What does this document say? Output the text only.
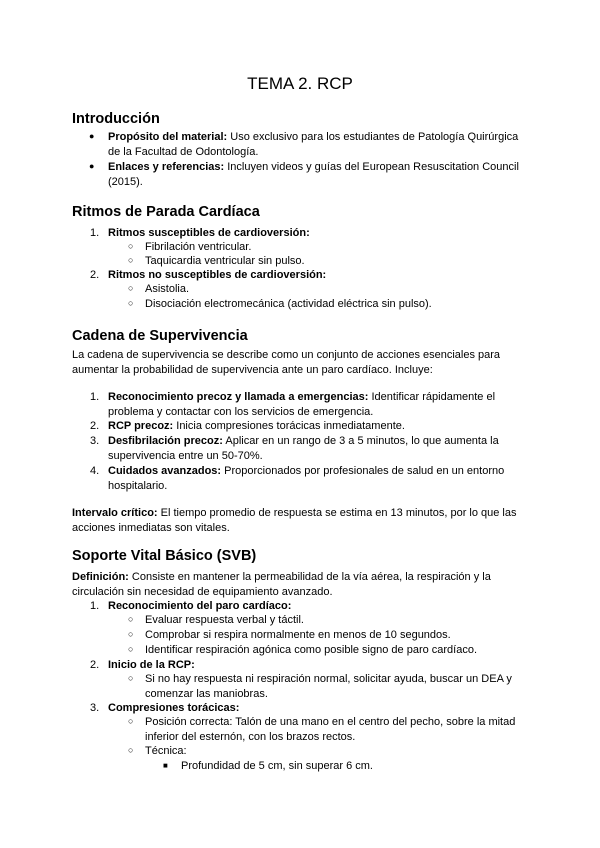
TEMA 2. RCP
Introducción
● Propósito del material: Uso exclusivo para los estudiantes de Patología Quirúrgica
de la Facultad de Odontología.
● Enlaces y referencias: Incluyen videos y guías del European Resuscitation Council
(2015).
Ritmos de Parada Cardíaca
1. Ritmos susceptibles de cardioversión:
○ Fibrilación ventricular.
○ Taquicardia ventricular sin pulso.
2. Ritmos no susceptibles de cardioversión:
○ Asistolia.
○ Disociación electromecánica (actividad eléctrica sin pulso).
Cadena de Supervivencia
La cadena de supervivencia se describe como un conjunto de acciones esenciales para
aumentar la probabilidad de supervivencia ante un paro cardíaco. Incluye:
1. Reconocimiento precoz y llamada a emergencias: Identificar rápidamente el
problema y contactar con los servicios de emergencia.
2. RCP precoz: Inicia compresiones torácicas inmediatamente.
3. Desfibrilación precoz: Aplicar en un rango de 3 a 5 minutos, lo que aumenta la
supervivencia entre un 50-70%.
4. Cuidados avanzados: Proporcionados por profesionales de salud en un entorno
hospitalario.
Intervalo crítico: El tiempo promedio de respuesta se estima en 13 minutos, por lo que las
acciones inmediatas son vitales.
Soporte Vital Básico (SVB)
Definición: Consiste en mantener la permeabilidad de la vía aérea, la respiración y la
circulación sin necesidad de equipamiento avanzado.
1. Reconocimiento del paro cardíaco:
○ Evaluar respuesta verbal y táctil.
○ Comprobar si respira normalmente en menos de 10 segundos.
○ Identificar respiración agónica como posible signo de paro cardíaco.
2. Inicio de la RCP:
○ Si no hay respuesta ni respiración normal, solicitar ayuda, buscar un DEA y
comenzar las maniobras.
3. Compresiones torácicas:
○ Posición correcta: Talón de una mano en el centro del pecho, sobre la mitad
inferior del esternón, con los brazos rectos.
○ Técnica:
■ Profundidad de 5 cm, sin superar 6 cm.
